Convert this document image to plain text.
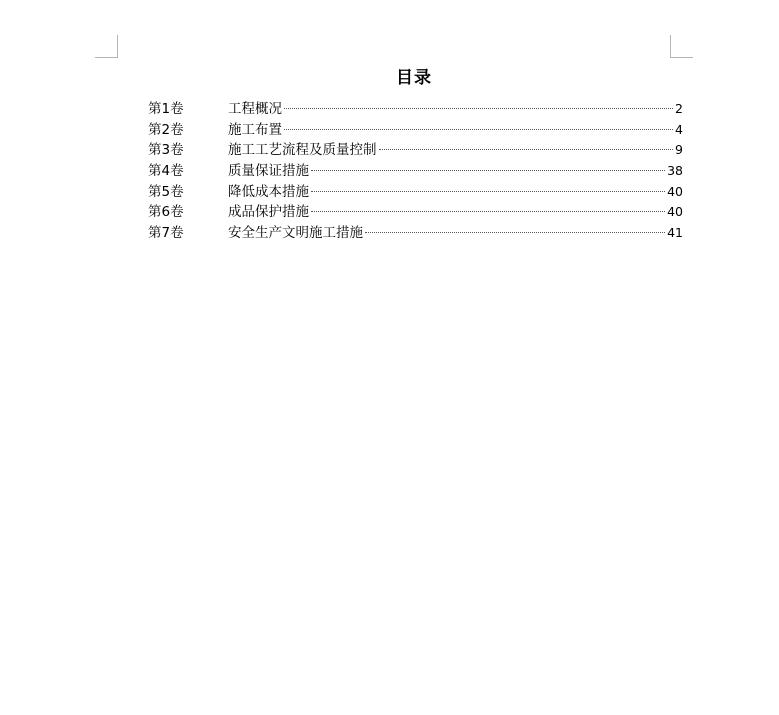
目录
第1卷	工程概况	2
第2卷	施工布置	4
第3卷	施工工艺流程及质量控制	9
第4卷	质量保证措施	38
第5卷	降低成本措施	40
第6卷	成品保护措施	40
第7卷	安全生产文明施工措施	41
